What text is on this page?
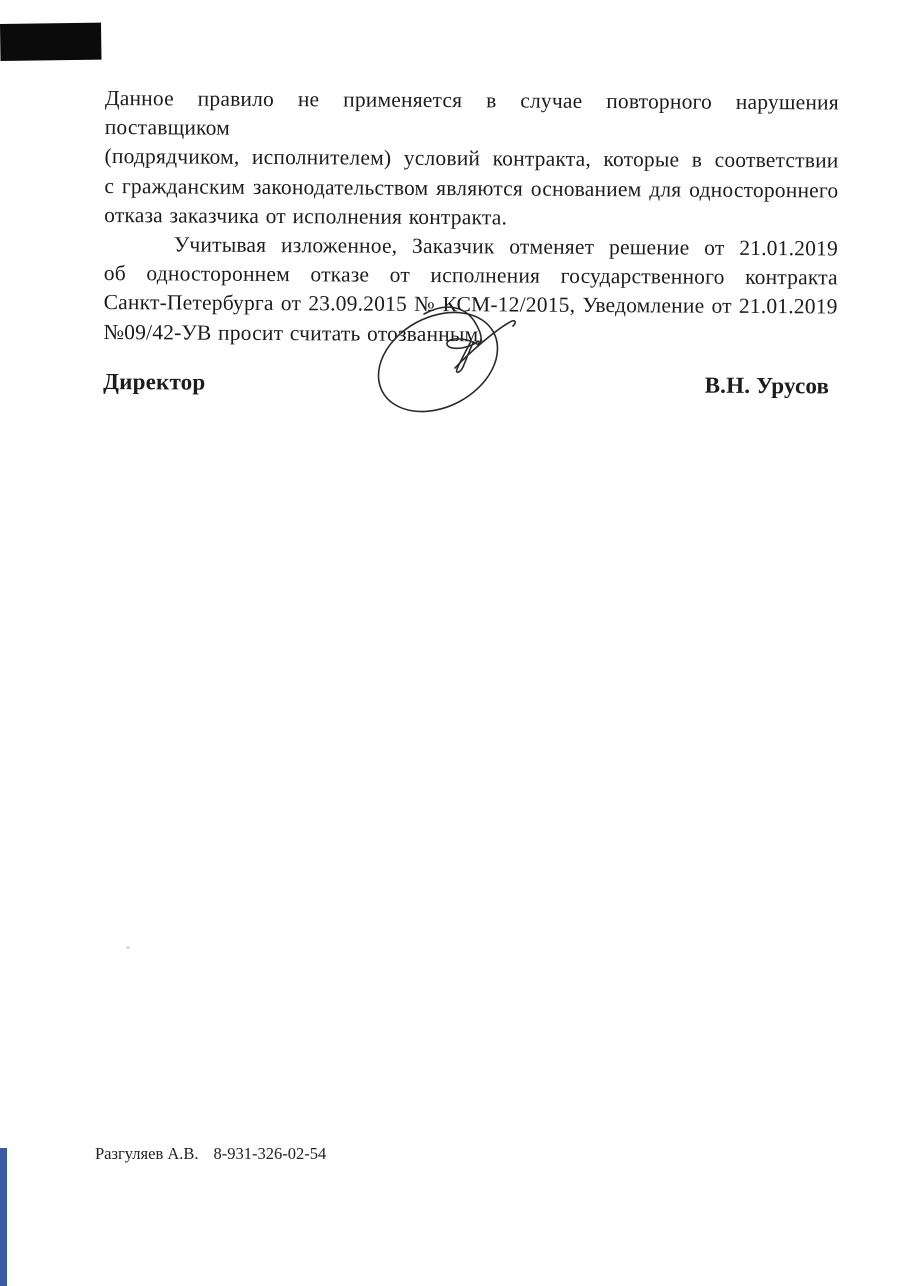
Данное правило не применяется в случае повторного нарушения поставщиком
(подрядчиком, исполнителем) условий контракта, которые в соответствии
с гражданским законодательством являются основанием для одностороннего
отказа заказчика от исполнения контракта.
Учитывая изложенное, Заказчик отменяет решение от 21.01.2019
об одностороннем отказе от исполнения государственного контракта
Санкт-Петербурга от 23.09.2015 № КСМ-12/2015, Уведомление от 21.01.2019
№09/42-УВ просит считать отозванным.
Директор	В.Н. Урусов
Разгуляев А.В. 8-931-326-02-54
